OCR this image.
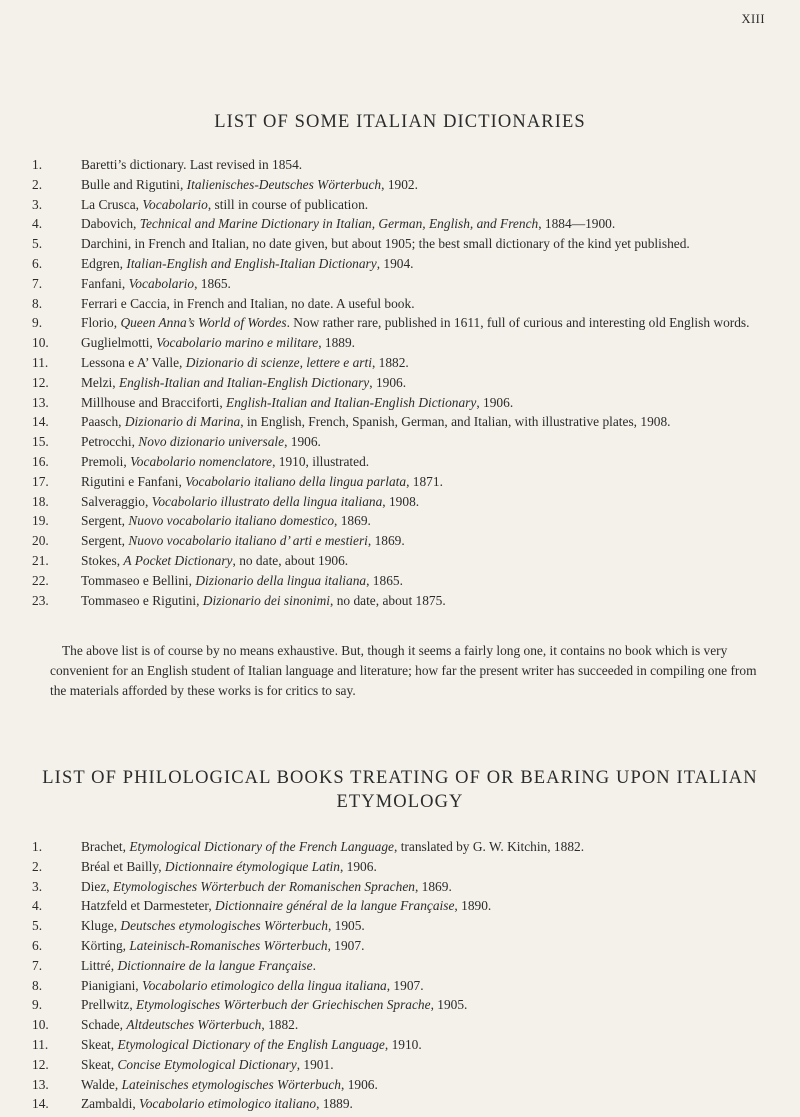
XIII
LIST OF SOME ITALIAN DICTIONARIES
1.	Baretti’s dictionary. Last revised in 1854.
2.	Bulle and Rigutini, Italienisches-Deutsches Wörterbuch, 1902.
3.	La Crusca, Vocabolario, still in course of publication.
4.	Dabovich, Technical and Marine Dictionary in Italian, German, English, and French, 1884—1900.
5.	Darchini, in French and Italian, no date given, but about 1905; the best small dictionary of the kind yet published.
6.	Edgren, Italian-English and English-Italian Dictionary, 1904.
7.	Fanfani, Vocabolario, 1865.
8.	Ferrari e Caccia, in French and Italian, no date. A useful book.
9.	Florio, Queen Anna’s World of Wordes. Now rather rare, published in 1611, full of curious and interesting old English words.
10.	Guglielmotti, Vocabolario marino e militare, 1889.
11.	Lessona e A’ Valle, Dizionario di scienze, lettere e arti, 1882.
12.	Melzi, English-Italian and Italian-English Dictionary, 1906.
13.	Millhouse and Bracciforti, English-Italian and Italian-English Dictionary, 1906.
14.	Paasch, Dizionario di Marina, in English, French, Spanish, German, and Italian, with illustrative plates, 1908.
15.	Petrocchi, Novo dizionario universale, 1906.
16.	Premoli, Vocabolario nomenclatore, 1910, illustrated.
17.	Rigutini e Fanfani, Vocabolario italiano della lingua parlata, 1871.
18.	Salveraggio, Vocabolario illustrato della lingua italiana, 1908.
19.	Sergent, Nuovo vocabolario italiano domestico, 1869.
20.	Sergent, Nuovo vocabolario italiano d’ arti e mestieri, 1869.
21.	Stokes, A Pocket Dictionary, no date, about 1906.
22.	Tommaseo e Bellini, Dizionario della lingua italiana, 1865.
23.	Tommaseo e Rigutini, Dizionario dei sinonimi, no date, about 1875.

The above list is of course by no means exhaustive. But, though it seems a fairly long one, it contains no book which is very convenient for an English student of Italian language and literature; how far the present writer has succeeded in compiling one from the materials afforded by these works is for critics to say.

LIST OF PHILOLOGICAL BOOKS TREATING OF OR BEARING UPON ITALIAN ETYMOLOGY
1.	Brachet, Etymological Dictionary of the French Language, translated by G. W. Kitchin, 1882.
2.	Bréal et Bailly, Dictionnaire étymologique Latin, 1906.
3.	Diez, Etymologisches Wörterbuch der Romanischen Sprachen, 1869.
4.	Hatzfeld et Darmesteter, Dictionnaire général de la langue Française, 1890.
5.	Kluge, Deutsches etymologisches Wörterbuch, 1905.
6.	Körting, Lateinisch-Romanisches Wörterbuch, 1907.
7.	Littré, Dictionnaire de la langue Française.
8.	Pianigiani, Vocabolario etimologico della lingua italiana, 1907.
9.	Prellwitz, Etymologisches Wörterbuch der Griechischen Sprache, 1905.
10.	Schade, Altdeutsches Wörterbuch, 1882.
11.	Skeat, Etymological Dictionary of the English Language, 1910.
12.	Skeat, Concise Etymological Dictionary, 1901.
13.	Walde, Lateinisches etymologisches Wörterbuch, 1906.
14.	Zambaldi, Vocabolario etimologico italiano, 1889.
